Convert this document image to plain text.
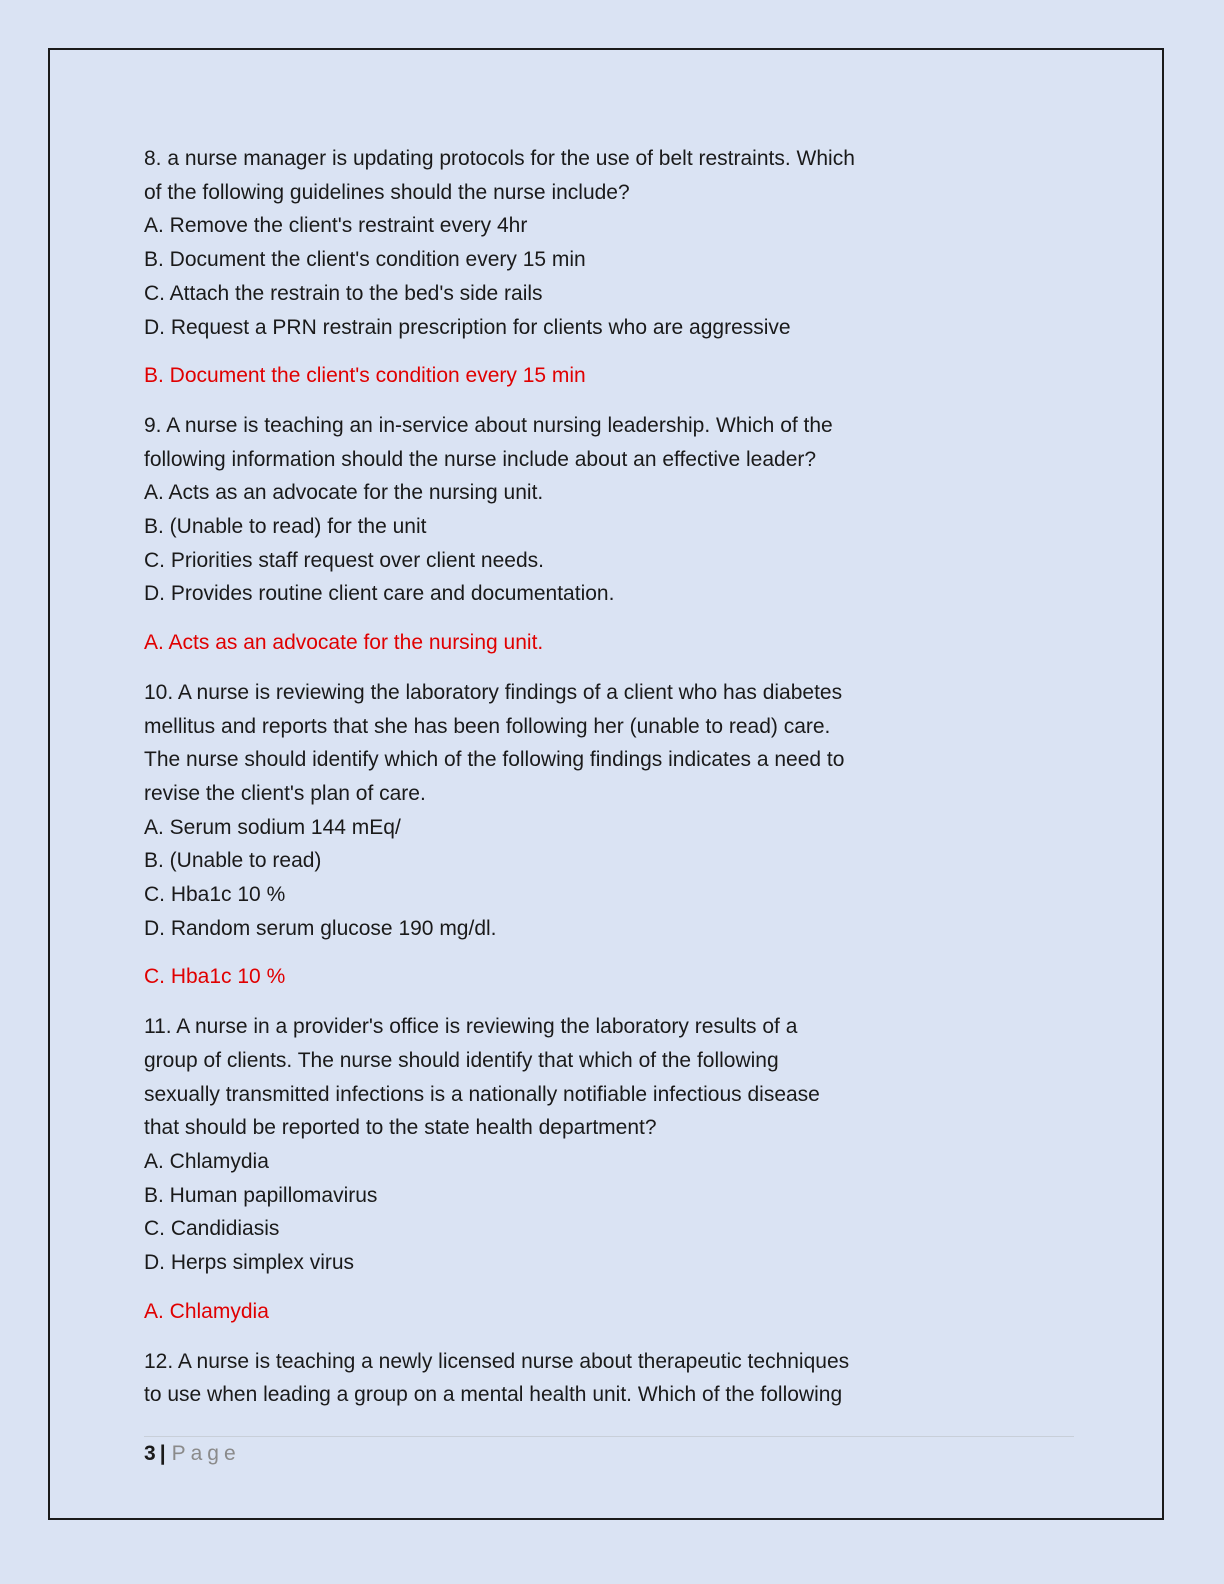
8. a nurse manager is updating protocols for the use of belt restraints. Which
of the following guidelines should the nurse include?
A. Remove the client's restraint every 4hr
B. Document the client's condition every 15 min
C. Attach the restrain to the bed's side rails
D. Request a PRN restrain prescription for clients who are aggressive
B. Document the client's condition every 15 min
9. A nurse is teaching an in-service about nursing leadership. Which of the
following information should the nurse include about an effective leader?
A. Acts as an advocate for the nursing unit.
B. (Unable to read) for the unit
C. Priorities staff request over client needs.
D. Provides routine client care and documentation.
A. Acts as an advocate for the nursing unit.
10. A nurse is reviewing the laboratory findings of a client who has diabetes
mellitus and reports that she has been following her (unable to read) care.
The nurse should identify which of the following findings indicates a need to
revise the client's plan of care.
A. Serum sodium 144 mEq/
B. (Unable to read)
C. Hba1c 10 %
D. Random serum glucose 190 mg/dl.
C. Hba1c 10 %
11. A nurse in a provider's office is reviewing the laboratory results of a
group of clients. The nurse should identify that which of the following
sexually transmitted infections is a nationally notifiable infectious disease
that should be reported to the state health department?
A. Chlamydia
B. Human papillomavirus
C. Candidiasis
D. Herps simplex virus
A. Chlamydia
12. A nurse is teaching a newly licensed nurse about therapeutic techniques
to use when leading a group on a mental health unit. Which of the following
3 | Page
